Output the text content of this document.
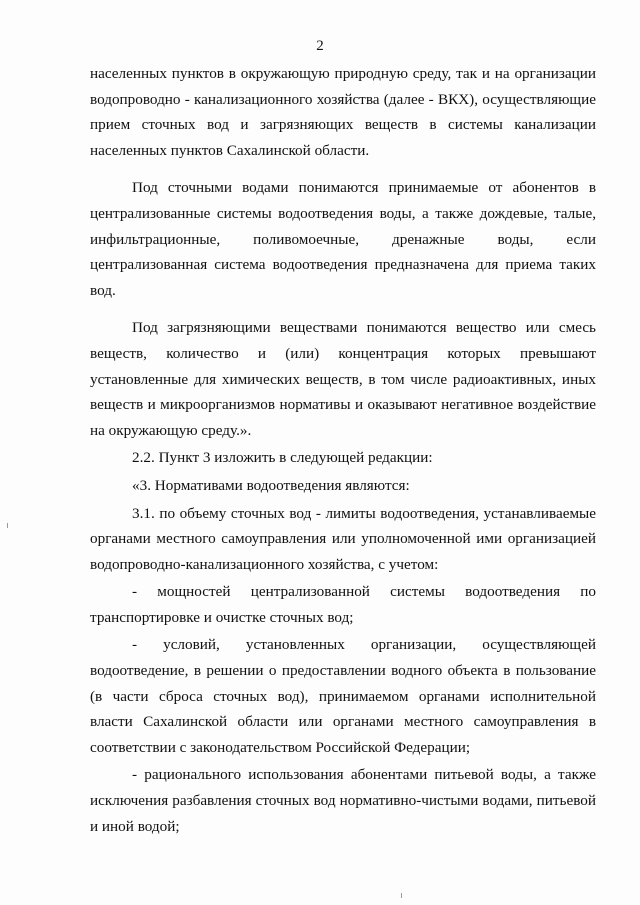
2

населенных пунктов в окружающую природную среду, так и на организации водопроводно - канализационного хозяйства (далее - ВКХ), осуществляющие прием сточных вод и загрязняющих веществ в системы канализации населенных пунктов Сахалинской области.

Под сточными водами понимаются принимаемые от абонентов в централизованные системы водоотведения воды, а также дождевые, талые, инфильтрационные, поливомоечные, дренажные воды, если централизованная система водоотведения предназначена для приема таких вод.

Под загрязняющими веществами понимаются вещество или смесь веществ, количество и (или) концентрация которых превышают установленные для химических веществ, в том числе радиоактивных, иных веществ и микроорганизмов нормативы и оказывают негативное воздействие на окружающую среду.».

2.2. Пункт 3 изложить в следующей редакции:

«3. Нормативами водоотведения являются:

3.1. по объему сточных вод - лимиты водоотведения, устанавливаемые органами местного самоуправления или уполномоченной ими организацией водопроводно-канализационного хозяйства, с учетом:

- мощностей централизованной системы водоотведения по транспортировке и очистке сточных вод;

- условий, установленных организации, осуществляющей водоотведение, в решении о предоставлении водного объекта в пользование (в части сброса сточных вод), принимаемом органами исполнительной власти Сахалинской области или органами местного самоуправления в соответствии с законодательством Российской Федерации;

- рационального использования абонентами питьевой воды, а также исключения разбавления сточных вод нормативно-чистыми водами, питьевой и иной водой;
